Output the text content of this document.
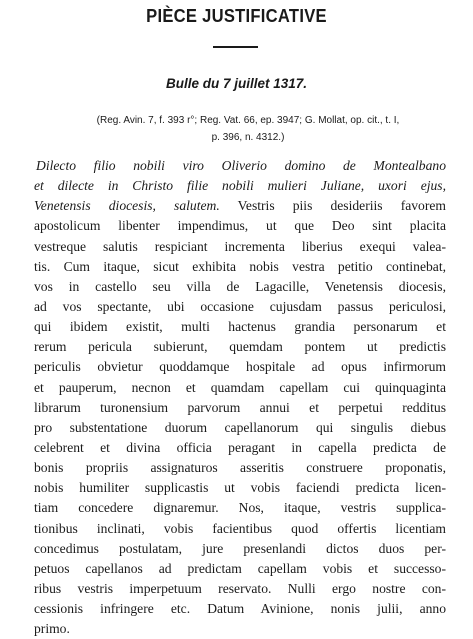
PIÈCE JUSTIFICATIVE
Bulle du 7 juillet 1317.
(Reg. Avin. 7, f. 393 r°; Reg. Vat. 66, ep. 3947; G. Mollat, op. cit., t. I,
p. 396, n. 4312.)
Dilecto filio nobili viro Oliverio domino de Montealbano
et dilecte in Christo filie nobili mulieri Juliane, uxori ejus,
Venetensis diocesis, salutem. Vestris piis desideriis favorem
apostolicum libenter impendimus, ut que Deo sint placita
vestreque salutis respiciant incrementa liberius exequi valea-
tis. Cum itaque, sicut exhibita nobis vestra petitio continebat,
vos in castello seu villa de Lagacille, Venetensis diocesis,
ad vos spectante, ubi occasione cujusdam passus periculosi,
qui ibidem existit, multi hactenus grandia personarum et
rerum pericula subierunt, quemdam pontem ut predictis
periculis obvietur quoddamque hospitale ad opus infirmorum
et pauperum, necnon et quamdam capellam cui quinquaginta
librarum turonensium parvorum annui et perpetui redditus
pro substentatione duorum capellanorum qui singulis diebus
celebrent et divina officia peragant in capella predicta de
bonis propriis assignaturos asseritis construere proponatis,
nobis humiliter supplicastis ut vobis faciendi predicta licen-
tiam concedere dignaremur. Nos, itaque, vestris supplica-
tionibus inclinati, vobis facientibus quod offertis licentiam
concedimus postulatam, jure presenlandi dictos duos per-
petuos capellanos ad predictam capellam vobis et successo-
ribus vestris imperpetuum reservato. Nulli ergo nostre con-
cessionis infringere etc. Datum Avinione, nonis julii, anno
primo.
